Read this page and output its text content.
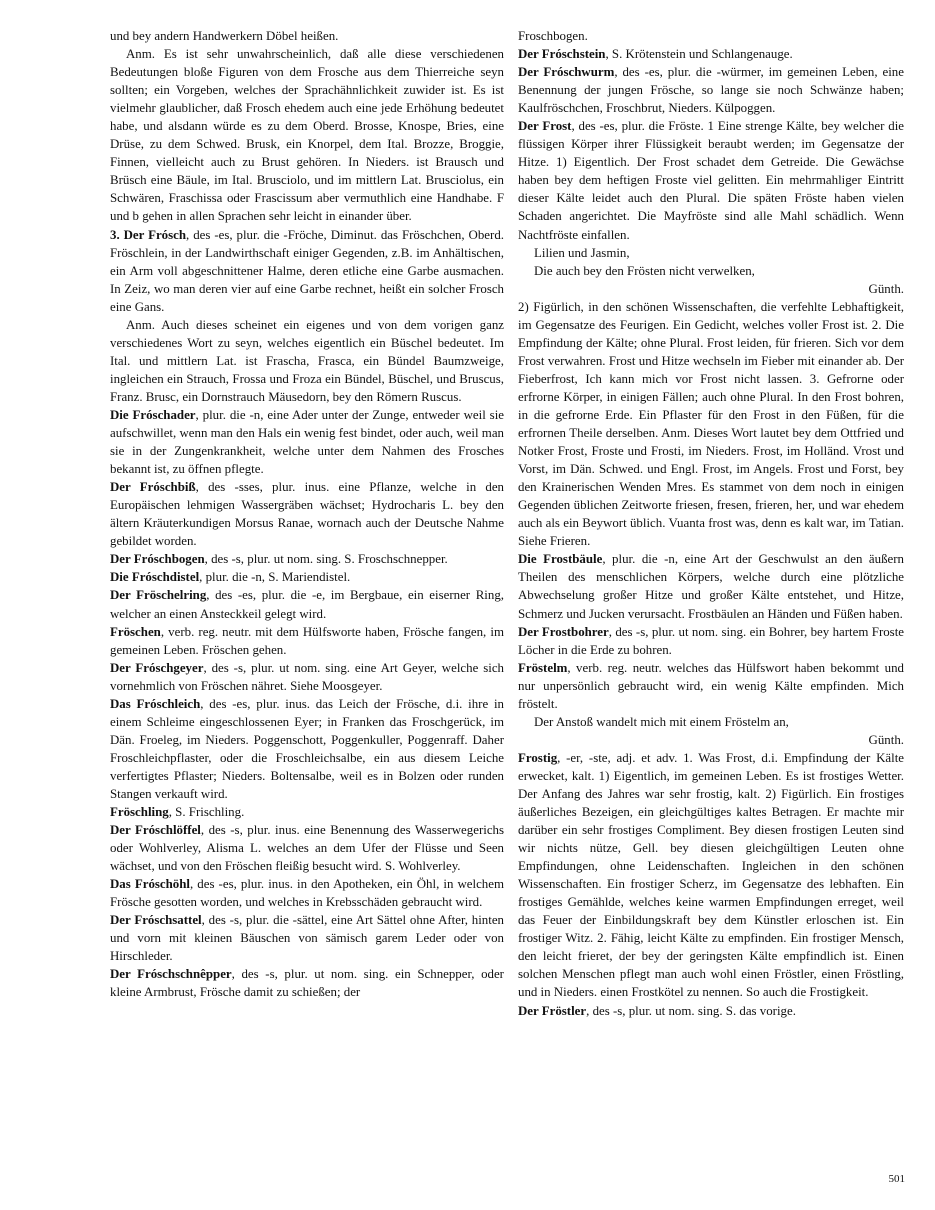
und bey andern Handwerkern Döbel heißen.

Anm. Es ist sehr unwahrscheinlich, daß alle diese verschiedenen Bedeutungen bloße Figuren von dem Frosche aus dem Thierreiche seyn sollten; ein Vorgeben, welches der Sprachähnlichkeit zuwider ist. Es ist vielmehr glaublicher, daß Frosch ehedem auch eine jede Erhöhung bedeutet habe, und alsdann würde es zu dem Oberd. Brosse, Knospe, Bries, eine Drüse, zu dem Schwed. Brusk, ein Knorpel, dem Ital. Brozze, Broggie, Finnen, vielleicht auch zu Brust gehören. In Nieders. ist Brausch und Brüsch eine Bäule, im Ital. Brusciolo, und im mittlern Lat. Brusciolus, ein Schwären, Fraschissa oder Frascissum aber vermuthlich eine Handhabe. F und b gehen in allen Sprachen sehr leicht in einander über.

3. Der Frósch, des -es, plur. die -Fröche, Diminut. das Fröschchen, Oberd. Fröschlein, in der Landwirthschaft einiger Gegenden, z.B. im Anhältischen, ein Arm voll abgeschnittener Halme, deren etliche eine Garbe ausmachen. In Zeiz, wo man deren vier auf eine Garbe rechnet, heißt ein solcher Frosch eine Gans.

Anm. Auch dieses scheinet ein eigenes und von dem vorigen ganz verschiedenes Wort zu seyn, welches eigentlich ein Büschel bedeutet. Im Ital. und mittlern Lat. ist Frascha, Frasca, ein Bündel Baumzweige, ingleichen ein Strauch, Frossa und Froza ein Bündel, Büschel, und Bruscus, Franz. Brusc, ein Dornstrauch Mäusedorn, bey den Römern Ruscus.

Die Fróschader, plur. die -n, eine Ader unter der Zunge, entweder weil sie aufschwillet, wenn man den Hals ein wenig fest bindet, oder auch, weil man sie in der Zungenkrankheit, welche unter dem Nahmen des Frosches bekannt ist, zu öffnen pflegte.

Der Fróschbiß, des -sses, plur. inus. eine Pflanze, welche in den Europäischen lehmigen Wassergräben wächset; Hydrocharis L. bey den ältern Kräuterkundigen Morsus Ranae, wornach auch der Deutsche Nahme gebildet worden.

Der Fróschbogen, des -s, plur. ut nom. sing. S. Froschschnepper.

Die Fróschdistel, plur. die -n, S. Mariendistel.

Der Fröschelring, des -es, plur. die -e, im Bergbaue, ein eiserner Ring, welcher an einen Ansteckkeil gelegt wird.

Fröschen, verb. reg. neutr. mit dem Hülfsworte haben, Frösche fangen, im gemeinen Leben. Fröschen gehen.

Der Fróschgeyer, des -s, plur. ut nom. sing. eine Art Geyer, welche sich vornehmlich von Fröschen nähret. Siehe Moosgeyer.

Das Fróschleich, des -es, plur. inus. das Leich der Frösche, d.i. ihre in einem Schleime eingeschlossenen Eyer; in Franken das Froschgerück, im Dän. Froeleg, im Nieders. Poggenschott, Poggenkuller, Poggenraff. Daher Froschleichpflaster, oder die Froschleichsalbe, ein aus diesem Leiche verfertigtes Pflaster; Nieders. Boltensalbe, weil es in Bolzen oder runden Stangen verkauft wird.

Fröschling, S. Frischling.

Der Fróschlöffel, des -s, plur. inus. eine Benennung des Wasserwegerichs oder Wohlverley, Alisma L. welches an dem Ufer der Flüsse und Seen wächset, und von den Fröschen fleißig besucht wird. S. Wohlverley.

Das Fróschöhl, des -es, plur. inus. in den Apotheken, ein Öhl, in welchem Frösche gesotten worden, und welches in Krebsschäden gebraucht wird.

Der Fróschsattel, des -s, plur. die -sättel, eine Art Sättel ohne After, hinten und vorn mit kleinen Bäuschen von sämisch garem Leder oder von Hirschleder.

Der Fróschschnêpper, des -s, plur. ut nom. sing. ein Schnepper, oder kleine Armbrust, Frösche damit zu schießen; der

Froschbogen.

Der Fróschstein, S. Krötenstein und Schlangenauge.

Der Fróschwurm, des -es, plur. die -würmer, im gemeinen Leben, eine Benennung der jungen Frösche, so lange sie noch Schwänze haben; Kaulfröschchen, Froschbrut, Nieders. Külpoggen.

Der Frost, des -es, plur. die Fröste. 1 Eine strenge Kälte, bey welcher die flüssigen Körper ihrer Flüssigkeit beraubt werden; im Gegensatze der Hitze. 1) Eigentlich. Der Frost schadet dem Getreide. Die Gewächse haben bey dem heftigen Froste viel gelitten. Ein mehrmahliger Eintritt dieser Kälte leidet auch den Plural. Die späten Fröste haben vielen Schaden angerichtet. Die Mayfröste sind alle Mahl schädlich. Wenn Nachtfröste einfallen.

Lilien und Jasmin,

Die auch bey den Frösten nicht verwelken,

Günth.

2) Figürlich, in den schönen Wissenschaften, die verfehlte Lebhaftigkeit, im Gegensatze des Feurigen. Ein Gedicht, welches voller Frost ist. 2. Die Empfindung der Kälte; ohne Plural. Frost leiden, für frieren. Sich vor dem Frost verwahren. Frost und Hitze wechseln im Fieber mit einander ab. Der Fieberfrost, Ich kann mich vor Frost nicht lassen. 3. Gefrorne oder erfrorne Körper, in einigen Fällen; auch ohne Plural. In den Frost bohren, in die gefrorne Erde. Ein Pflaster für den Frost in den Füßen, für die erfrornen Theile derselben. Anm. Dieses Wort lautet bey dem Ottfried und Notker Frost, Froste und Frosti, im Nieders. Frost, im Holländ. Vrost und Vorst, im Dän. Schwed. und Engl. Frost, im Angels. Frost und Forst, bey den Krainerischen Wenden Mres. Es stammet von dem noch in einigen Gegenden üblichen Zeitworte friesen, fresen, frieren, her, und war ehedem auch als ein Beywort üblich. Vuanta frost was, denn es kalt war, im Tatian. Siehe Frieren.

Die Frostbäule, plur. die -n, eine Art der Geschwulst an den äußern Theilen des menschlichen Körpers, welche durch eine plötzliche Abwechselung großer Hitze und großer Kälte entstehet, und Hitze, Schmerz und Jucken verursacht. Frostbäulen an Händen und Füßen haben.

Der Frostbohrer, des -s, plur. ut nom. sing. ein Bohrer, bey hartem Froste Löcher in die Erde zu bohren.

Fröstelm, verb. reg. neutr. welches das Hülfswort haben bekommt und nur unpersönlich gebraucht wird, ein wenig Kälte empfinden. Mich fröstelt.

Der Anstoß wandelt mich mit einem Fröstelm an,

Günth.

Frostig, -er, -ste, adj. et adv. 1. Was Frost, d.i. Empfindung der Kälte erwecket, kalt. 1) Eigentlich, im gemeinen Leben. Es ist frostiges Wetter. Der Anfang des Jahres war sehr frostig, kalt. 2) Figürlich. Ein frostiges äußerliches Bezeigen, ein gleichgültiges kaltes Betragen. Er machte mir darüber ein sehr frostiges Compliment. Bey diesen frostigen Leuten sind wir nichts nütze, Gell. bey diesen gleichgültigen Leuten ohne Empfindungen, ohne Leidenschaften. Ingleichen in den schönen Wissenschaften. Ein frostiger Scherz, im Gegensatze des lebhaften. Ein frostiges Gemählde, welches keine warmen Empfindungen erreget, weil das Feuer der Einbildungskraft bey dem Künstler erloschen ist. Ein frostiger Witz. 2. Fähig, leicht Kälte zu empfinden. Ein frostiger Mensch, den leicht frieret, der bey der geringsten Kälte empfindlich ist. Einen solchen Menschen pflegt man auch wohl einen Fröstler, einen Fröstling, und in Nieders. einen Frostkötel zu nennen. So auch die Frostigkeit.

Der Fröstler, des -s, plur. ut nom. sing. S. das vorige.

501
